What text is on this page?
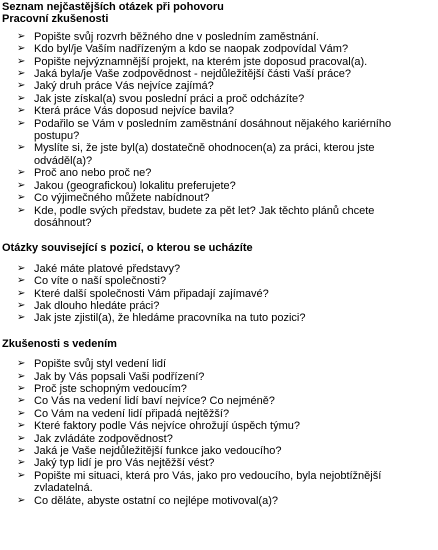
Seznam nejčastějších otázek při pohovoru
Pracovní zkušenosti
➢ Popište svůj rozvrh běžného dne v posledním zaměstnání.
➢ Kdo byl/je Vaším nadřízeným a kdo se naopak zodpovídal Vám?
➢ Popište nejvýznamnější projekt, na kterém jste doposud pracoval(a).
➢ Jaká byla/je Vaše zodpovědnost - nejdůležitější části Vaší práce?
➢ Jaký druh práce Vás nejvíce zajímá?
➢ Jak jste získal(a) svou poslední práci a proč odcházíte?
➢ Která práce Vás doposud nejvíce bavila?
➢ Podařilo se Vám v posledním zaměstnání dosáhnout nějakého kariérního postupu?
➢ Myslíte si, že jste byl(a) dostatečně ohodnocen(a) za práci, kterou jste odváděl(a)?
➢ Proč ano nebo proč ne?
➢ Jakou (geografickou) lokalitu preferujete?
➢ Co výjimečného můžete nabídnout?
➢ Kde, podle svých představ, budete za pět let? Jak těchto plánů chcete dosáhnout?
Otázky související s pozicí, o kterou se ucházíte
➢ Jaké máte platové představy?
➢ Co víte o naší společnosti?
➢ Které další společnosti Vám připadají zajímavé?
➢ Jak dlouho hledáte práci?
➢ Jak jste zjistil(a), že hledáme pracovníka na tuto pozici?
Zkušenosti s vedením
➢ Popište svůj styl vedení lidí
➢ Jak by Vás popsali Vaši podřízení?
➢ Proč jste schopným vedoucím?
➢ Co Vás na vedení lidí baví nejvíce? Co nejméně?
➢ Co Vám na vedení lidí připadá nejtěžší?
➢ Které faktory podle Vás nejvíce ohrožují úspěch týmu?
➢ Jak zvládáte zodpovědnost?
➢ Jaká je Vaše nejdůležitější funkce jako vedoucího?
➢ Jaký typ lidí je pro Vás nejtěžší vést?
➢ Popište mi situaci, která pro Vás, jako pro vedoucího, byla nejobtížnější zvladatelná.
➢ Co děláte, abyste ostatní co nejlépe motivoval(a)?
